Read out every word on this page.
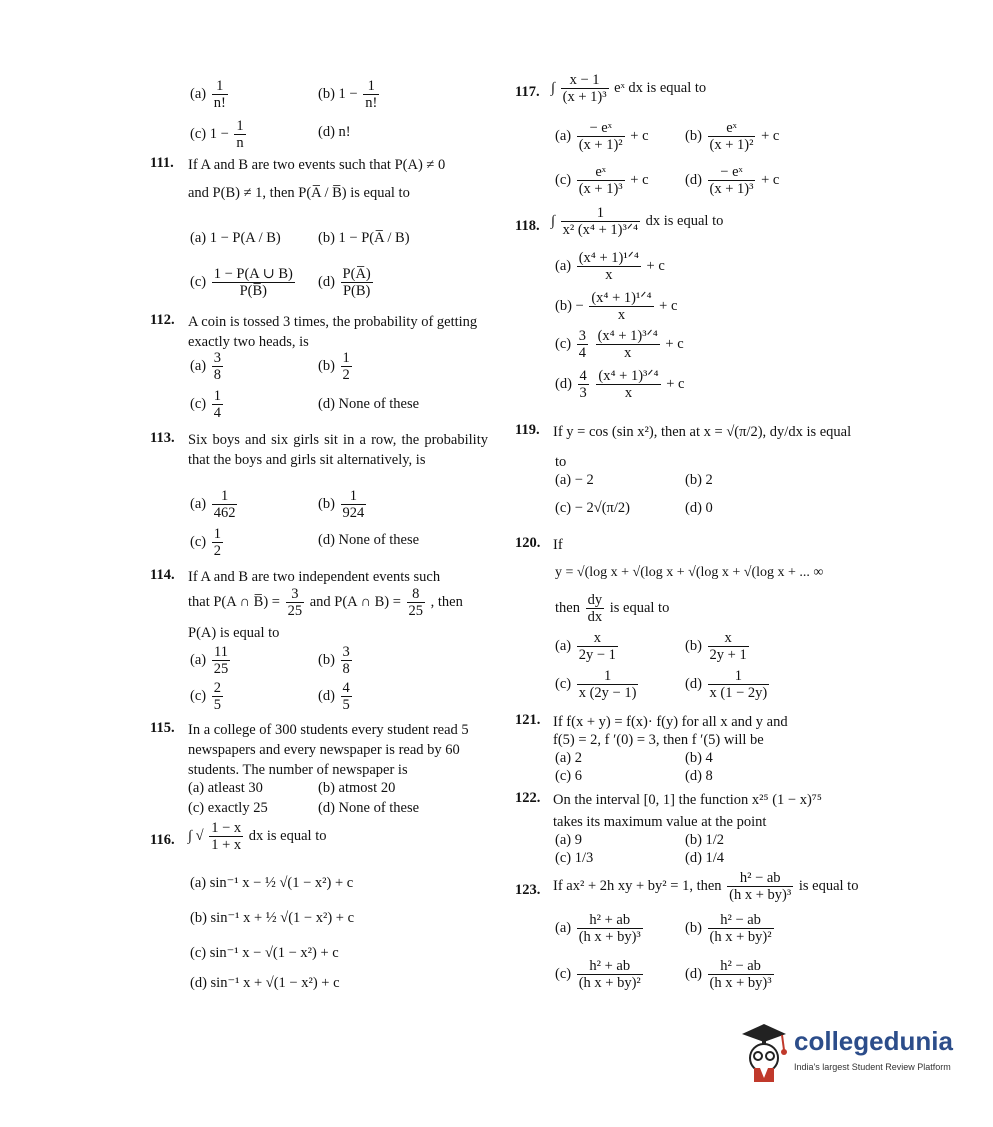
$(a) \frac{1}{n!}$	(b) $1 - \frac{1}{n!}$
(c) $1 - \frac{1}{n}$	(d) n!
111. If A and B are two events such that P(A) ≠ 0
and P(B) ≠ 1, then P(A̅ / B̅) is equal to
(a) 1 − P(A / B)	(b) 1 − P(A̅ / B)
$(c) \frac{1 - P(A \cup B)}{P(B̅)} (d) \frac{P(A̅)}{P(B)}$
112. A coin is tossed 3 times, the probability of getting exactly two heads, is
$(a) \frac{3}{8}$	$(b) \frac{1}{2}$
$(c) \frac{1}{4}$	(d) None of these
113. Six boys and six girls sit in a row, the probability that the boys and girls sit alternatively, is
$(a) \frac{1}{462}$	$(b) \frac{1}{924}$
$(c) \frac{1}{2}$	(d) None of these
114. If A and B are two independent events such
that P(A ∩ B̅) = $\frac{3}{25}$ and P(A ∩ $B) = \frac{8}{25}$ , then
P(A) is equal to
$(a) \frac{11}{25}$	$(b) \frac{3}{8}$
$(c) \frac{2}{5}$	$(d) \frac{4}{5}$
115. In a college of 300 students every student read 5 newspapers and every newspaper is read by 60 students. The number of newspaper is
(a) atleast 30	(b) atmost 20
(c) exactly 25	(d) None of these
116. ∫ √ $\frac{1 - x}{1 + x}$ dx is equal to
(a) sin⁻¹ x − ½ √(1 − x²) + c
(b) sin⁻¹ x + ½ √(1 − x²) + c
(c) sin⁻¹ x − √(1 − x²) + c
(d) sin⁻¹ x + √(1 − x²) + c
117. ∫ $\frac{x - 1}{\text{(x + 1)³}}$ eˣ dx is equal to
$(a) \frac{\text{− eˣ}}{\text{(x + 1)²}} + c$	$(b) \frac{\text{eˣ}}{\text{(x + 1)²}} + c$
$(c) \frac{\text{eˣ}}{\text{(x + 1)³}} + c$	$(d) \frac{\text{− eˣ}}{\text{(x + 1)³}} + c$
118. ∫ $\frac{1}{\text{x² (x⁴ + 1)³ᐟ⁴}}$ dx is equal to
$(a) \frac{\text{(x⁴ + 1)¹ᐟ⁴}}{x} + c$
$(b) - \frac{\text{(x⁴ + 1)¹ᐟ⁴}}{x} + c$
$(c) \frac{3}{4}$
$\frac{\text{(x⁴ + 1)³ᐟ⁴}}{x} + c$
$(d) \frac{4}{3}$
$\frac{\text{(x⁴ + 1)³ᐟ⁴}}{x} + c$
119. If y = cos (sin x²), then at x = √(π/2), dy/dx is equal
to
(a) − 2	(b) 2
(c) − 2√(π/2)	(d) 0
120. If
y = √(log x + √(log x + √(log x + √(log x + ... ∞
then $\frac{dy}{dx}$ is equal to
$(a) \frac{x}{2y - 1}$	$(b) \frac{x}{2y + 1}$
$(c) \frac{1}{x (2y - 1)}$	$(d) \frac{1}{x (1 - 2y)}$
121. If f(x + y) = f(x)· f(y) for all x and y and
f(5) = 2, f ′(0) = 3, then f ′(5) will be
(a) 2	(b) 4
(c) 6	(d) 8
122. On the interval [0, 1] the function x²⁵ (1 − x)⁷⁵
takes its maximum value at the point
(a) 9	(b) 1/2
(c) 1/3	(d) 1/4
123. If ax² + 2h xy + by² = 1, then $\frac{\text{h² − ab}}{\text{(h x + by)³}}$ is equal to
$(a) \frac{\text{h² + ab}}{\text{(h x + by)³}}$	$(b) \frac{\text{h² − ab}}{\text{(h x + by)²}}$
$(c) \frac{\text{h² + ab}}{\text{(h x + by)²}}$	$(d) \frac{\text{h² − ab}}{\text{(h x + by)³}}$
collegedunia
India's largest Student Review Platform
